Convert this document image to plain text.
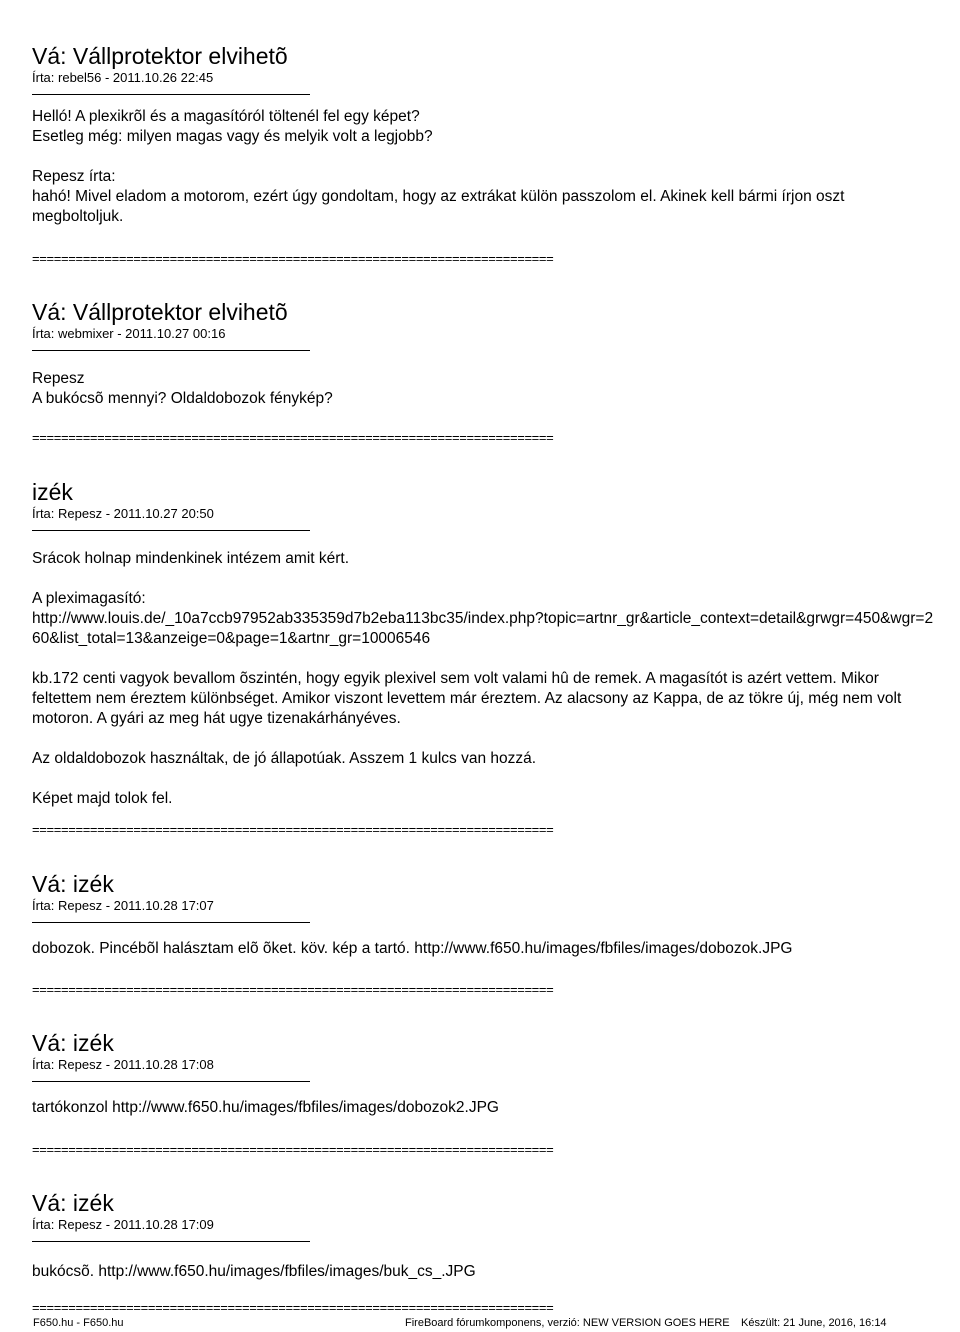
Vá: Vállprotektor elvihetõ
Írta: rebel56 - 2011.10.26 22:45

Helló! A plexikrõl és a magasítóról töltenél fel egy képet?

Esetleg még: milyen magas vagy és melyik volt a legjobb?

Repesz írta:

hahó! Mivel eladom a motorom, ezért úgy gondoltam, hogy az extrákat külön passzolom el. Akinek kell bármi írjon oszt megboltoljuk.

========================================================================
Vá: Vállprotektor elvihetõ
Írta: webmixer - 2011.10.27 00:16

Repesz

A bukócsõ mennyi? Oldaldobozok fénykép?

========================================================================
izék
Írta: Repesz - 2011.10.27 20:50

Srácok holnap mindenkinek intézem amit kért.

A pleximagasító:

http://www.louis.de/_10a7ccb97952ab335359d7b2eba113bc35/index.php?topic=artnr_gr&article_context=detail&grwgr=450&wgr=260&list_total=13&anzeige=0&page=1&artnr_gr=10006546

kb.172 centi vagyok bevallom õszintén, hogy egyik plexivel sem volt valami hû de remek. A magasítót is azért vettem. Mikor feltettem nem éreztem különbséget. Amikor viszont levettem már éreztem. Az alacsony az Kappa, de az tökre új, még nem volt motoron. A gyári az meg hát ugye tizenakárhányéves.

Az oldaldobozok használtak, de jó állapotúak. Asszem 1 kulcs van hozzá.

Képet majd tolok fel.

========================================================================
Vá: izék
Írta: Repesz - 2011.10.28 17:07

dobozok. Pincébõl halásztam elõ õket. köv. kép a tartó. http://www.f650.hu/images/fbfiles/images/dobozok.JPG

========================================================================
Vá: izék
Írta: Repesz - 2011.10.28 17:08

tartókonzol http://www.f650.hu/images/fbfiles/images/dobozok2.JPG

========================================================================
Vá: izék
Írta: Repesz - 2011.10.28 17:09

bukócsõ. http://www.f650.hu/images/fbfiles/images/buk_cs_.JPG

========================================================================
F650.hu - F650.hu	FireBoard fórumkomponens, verzió: NEW VERSION GOES HERE Készült: 21 June, 2016, 16:14
